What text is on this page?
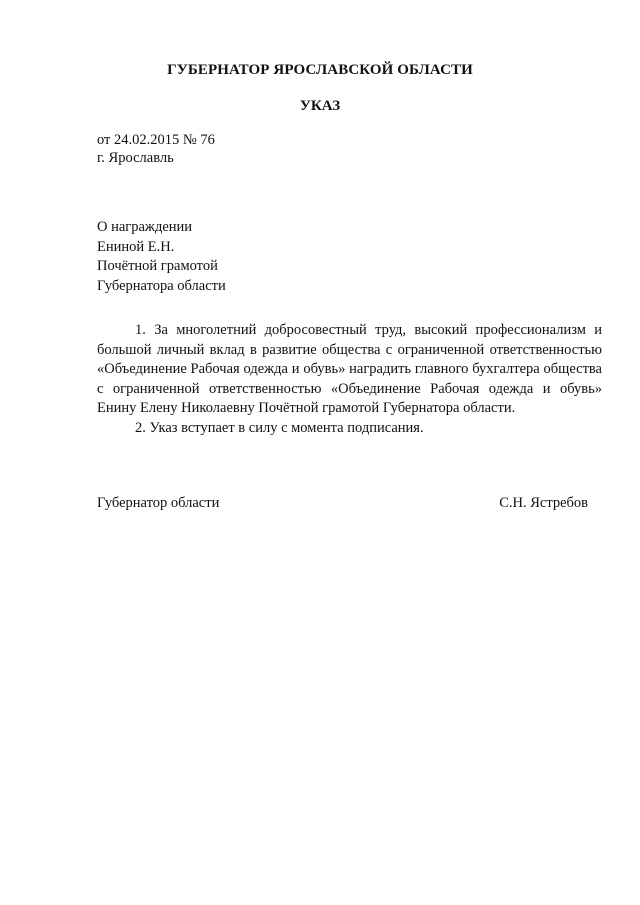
ГУБЕРНАТОР ЯРОСЛАВСКОЙ ОБЛАСТИ
УКАЗ
от 24.02.2015 № 76
г. Ярославль
О награждении
Ениной Е.Н.
Почётной грамотой
Губернатора области

1. За многолетний добросовестный труд, высокий профессионализм и большой личный вклад в развитие общества с ограниченной ответственностью «Объединение Рабочая одежда и обувь» наградить главного бухгалтера общества с ограниченной ответственностью «Объединение Рабочая одежда и обувь» Енину Елену Николаевну Почётной грамотой Губернатора области.

2. Указ вступает в силу с момента подписания.

Губернатор области	С.Н. Ястребов
